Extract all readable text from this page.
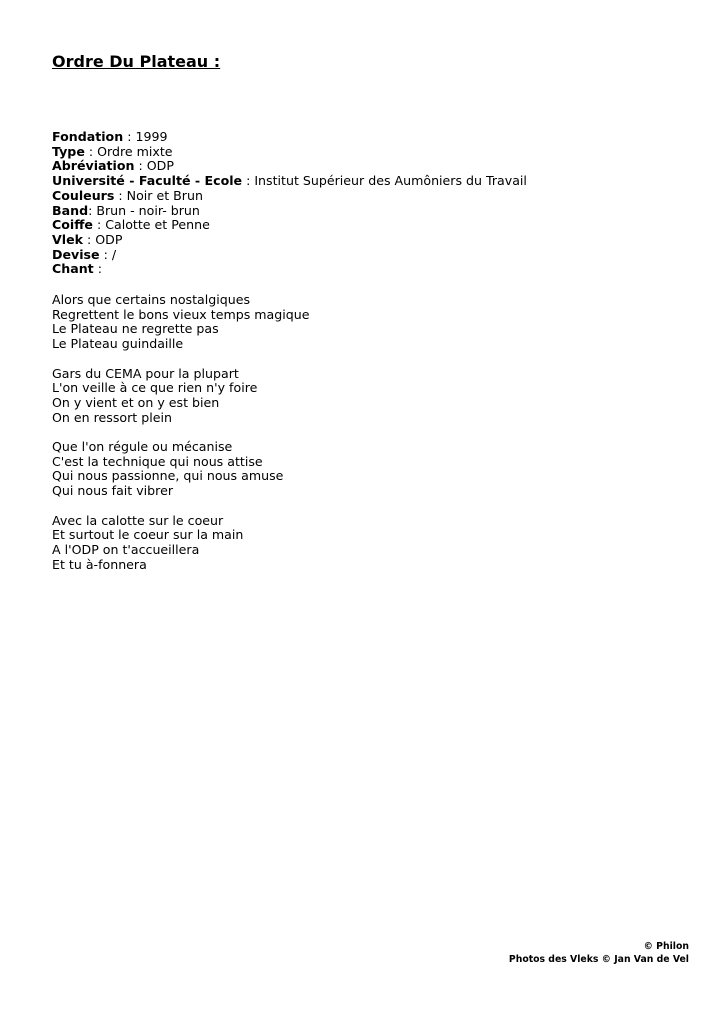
Ordre Du Plateau :
Fondation : 1999
Type : Ordre mixte
Abréviation : ODP
Université - Faculté - Ecole : Institut Supérieur des Aumôniers du Travail
Couleurs : Noir et Brun
Band: Brun - noir- brun
Coiffe : Calotte et Penne
Vlek : ODP
Devise : /
Chant :
Alors que certains nostalgiques
Regrettent le bons vieux temps magique
Le Plateau ne regrette pas
Le Plateau guindaille
Gars du CEMA pour la plupart
L'on veille à ce que rien n'y foire
On y vient et on y est bien
On en ressort plein
Que l'on régule ou mécanise
C'est la technique qui nous attise
Qui nous passionne, qui nous amuse
Qui nous fait vibrer
Avec la calotte sur le coeur
Et surtout le coeur sur la main
A l'ODP on t'accueillera
Et tu à-fonnera
© Philon
Photos des Vleks © Jan Van de Vel
